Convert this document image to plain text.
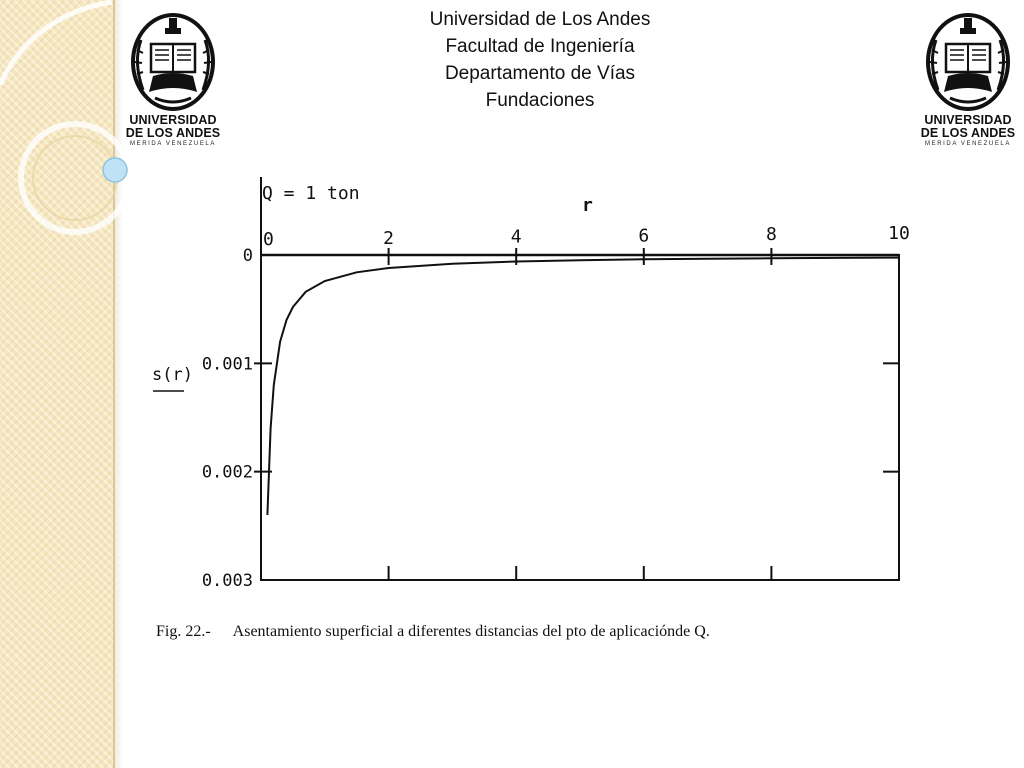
Universidad de Los Andes
Facultad de Ingeniería
Departamento de Vías
Fundaciones
UNIVERSIDAD
DE LOS ANDES
MERIDA VENEZUELA
UNIVERSIDAD
DE LOS ANDES
MERIDA VENEZUELA
0	2	4	6	8	10
0
0.001
0.002
0.003
Q = 1 ton
r
s(r)
Fig. 22.- Asentamiento superficial a diferentes distancias del pto de aplicaciónde Q.
